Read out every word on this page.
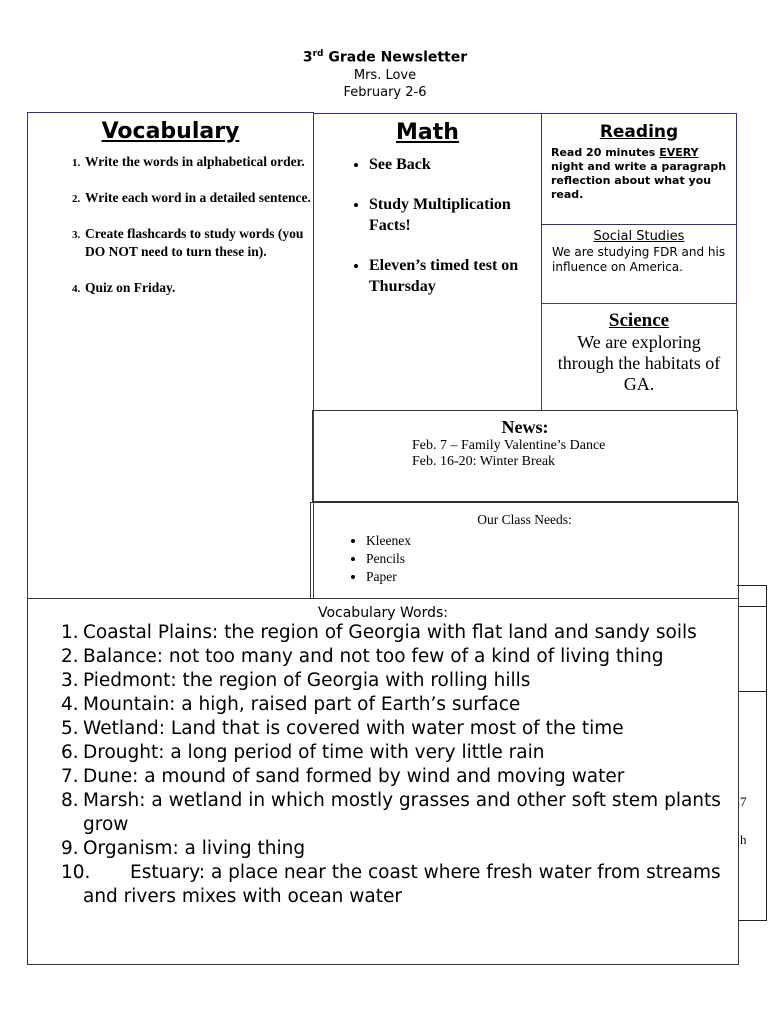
3rd Grade Newsletter
Mrs. Love
February 2-6
7
h
Vocabulary
1. Write the words in alphabetical order.
2. Write each word in a detailed sentence.
3. Create flashcards to study words (you DO NOT need to turn these in).
4. Quiz on Friday.
Math
• See Back
• Study Multiplication Facts!
• Eleven’s timed test on Thursday
Reading
Read 20 minutes EVERY night and write a paragraph reflection about what you read.
Social Studies
We are studying FDR and his influence on America.
Science
We are exploring through the habitats of GA.
News:
Feb. 7 – Family Valentine’s Dance
Feb. 16-20: Winter Break
Our Class Needs:
• Kleenex
• Pencils
• Paper
Vocabulary Words:
1. Coastal Plains: the region of Georgia with flat land and sandy soils
2. Balance: not too many and not too few of a kind of living thing
3. Piedmont: the region of Georgia with rolling hills
4. Mountain: a high, raised part of Earth’s surface
5. Wetland: Land that is covered with water most of the time
6. Drought: a long period of time with very little rain
7. Dune: a mound of sand formed by wind and moving water
8. Marsh: a wetland in which mostly grasses and other soft stem plants grow
9. Organism: a living thing
10.	Estuary: a place near the coast where fresh water from streams and rivers mixes with ocean water
